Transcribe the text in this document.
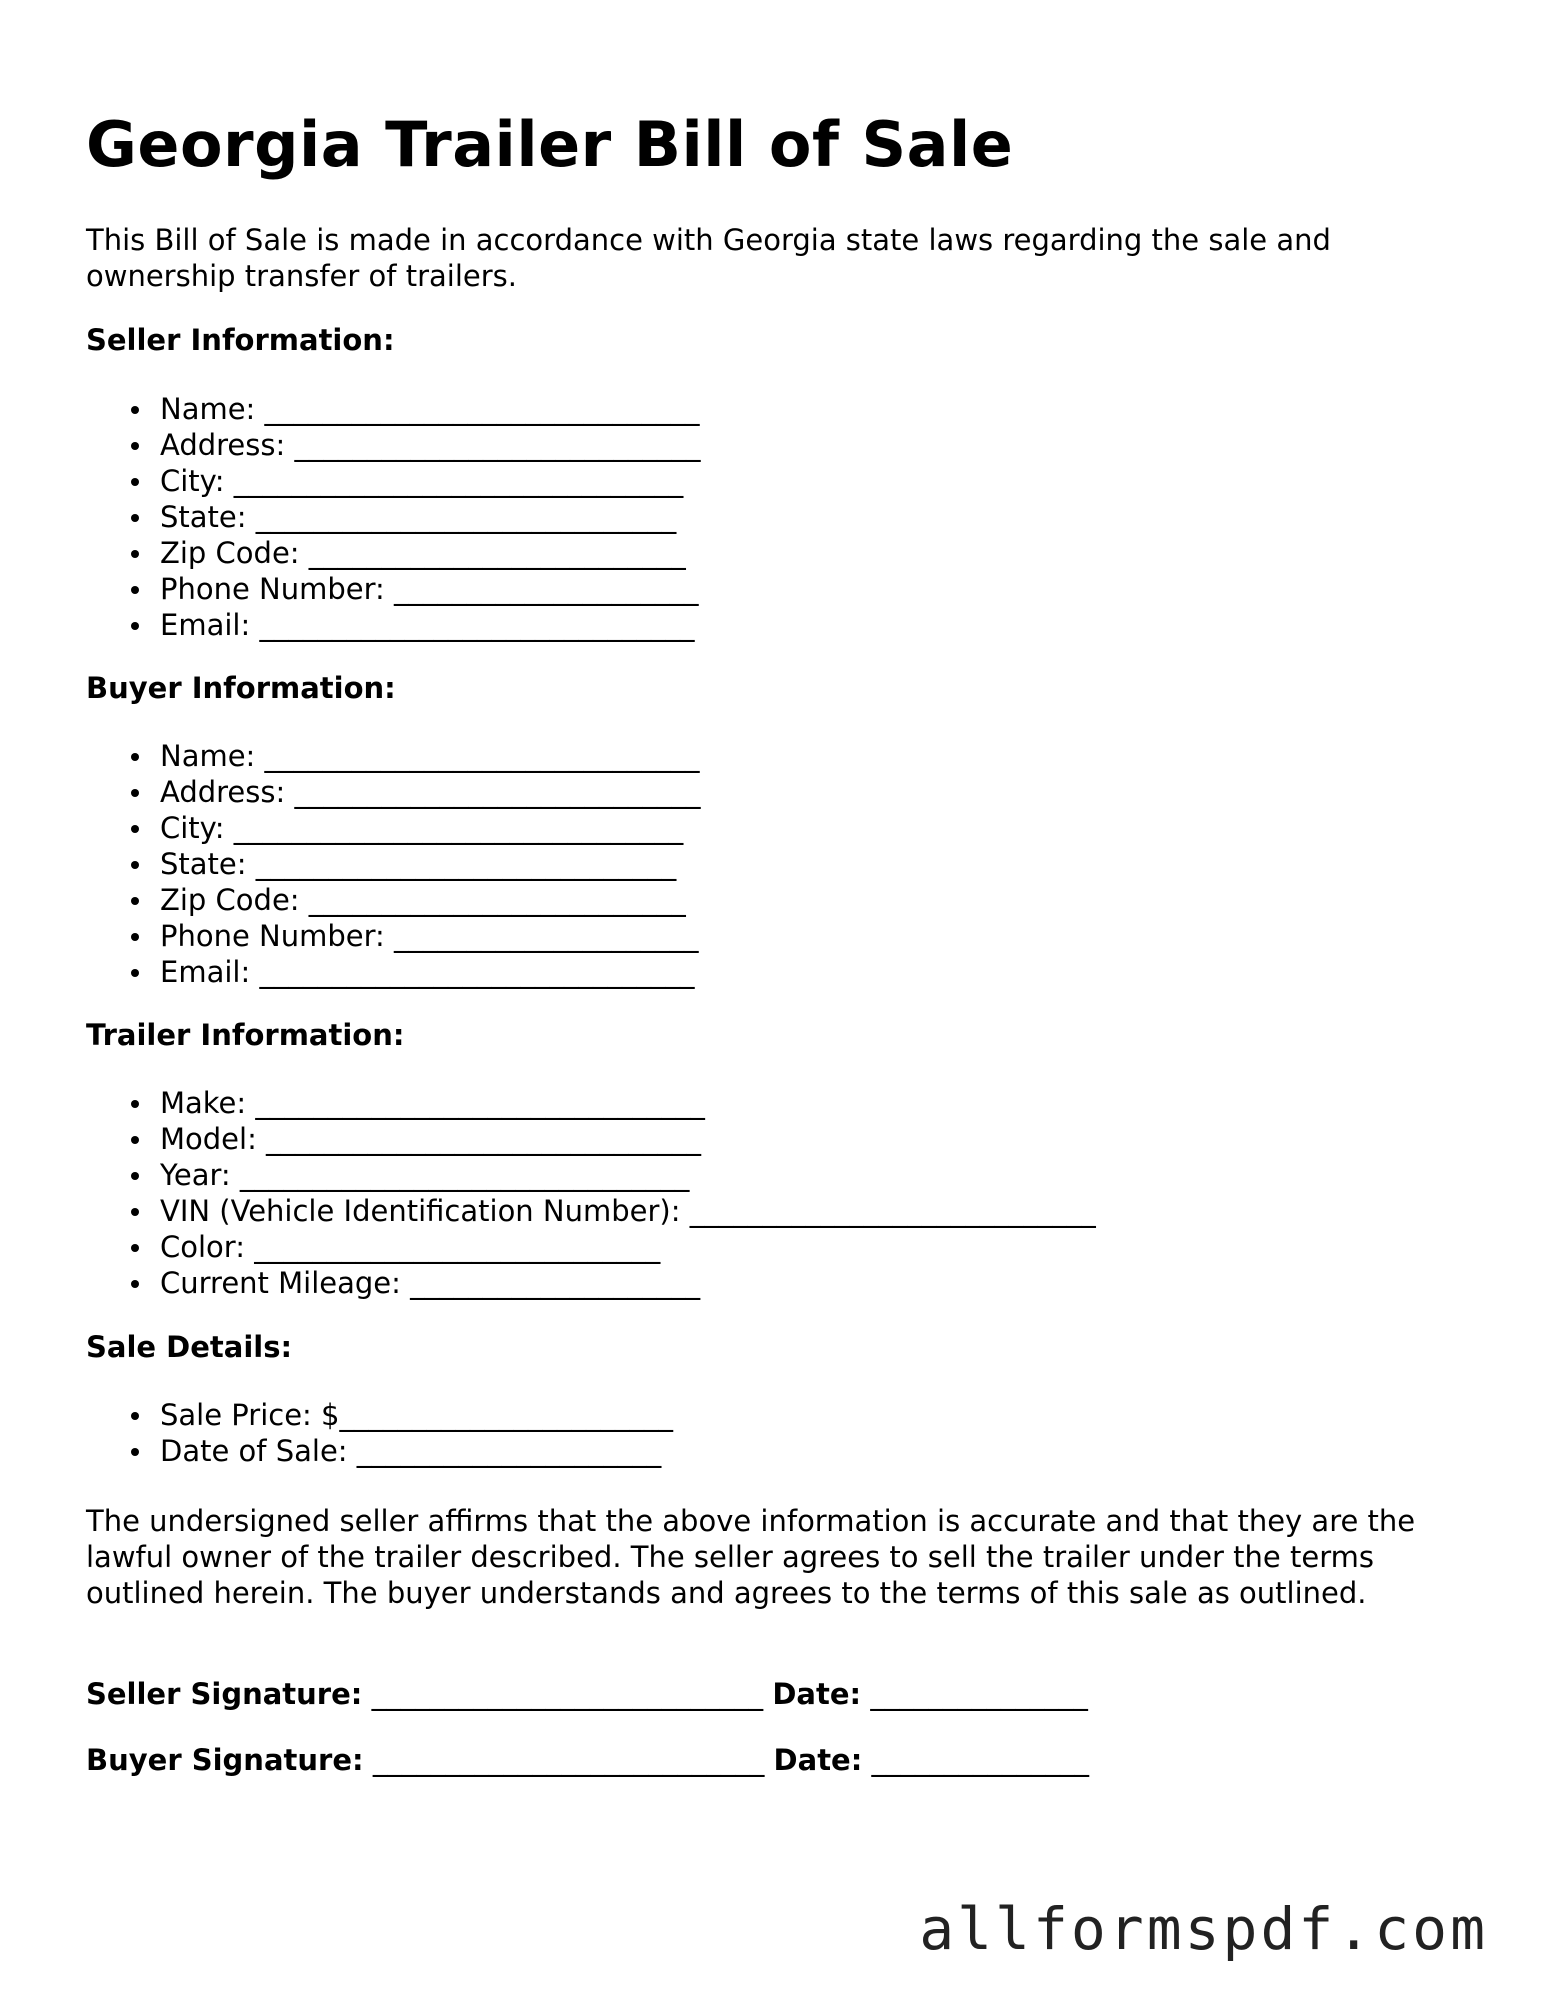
Georgia Trailer Bill of Sale

This Bill of Sale is made in accordance with Georgia state laws regarding the sale and ownership transfer of trailers.

Seller Information:
Name: ______________________________
Address: ____________________________
City: _______________________________
State: _____________________________
Zip Code: __________________________
Phone Number: _____________________
Email: ______________________________
Buyer Information:
Name: ______________________________
Address: ____________________________
City: _______________________________
State: _____________________________
Zip Code: __________________________
Phone Number: _____________________
Email: ______________________________
Trailer Information:
Make: _______________________________
Model: ______________________________
Year: _______________________________
VIN (Vehicle Identification Number): ____________________________
Color: ____________________________
Current Mileage: ____________________
Sale Details:
Sale Price: $_______________________
Date of Sale: _____________________

The undersigned seller affirms that the above information is accurate and that they are the lawful owner of the trailer described. The seller agrees to sell the trailer under the terms outlined herein. The buyer understands and agrees to the terms of this sale as outlined.

Seller Signature: ___________________________ Date: _______________

Buyer Signature: ___________________________ Date: _______________

allformspdf.com
